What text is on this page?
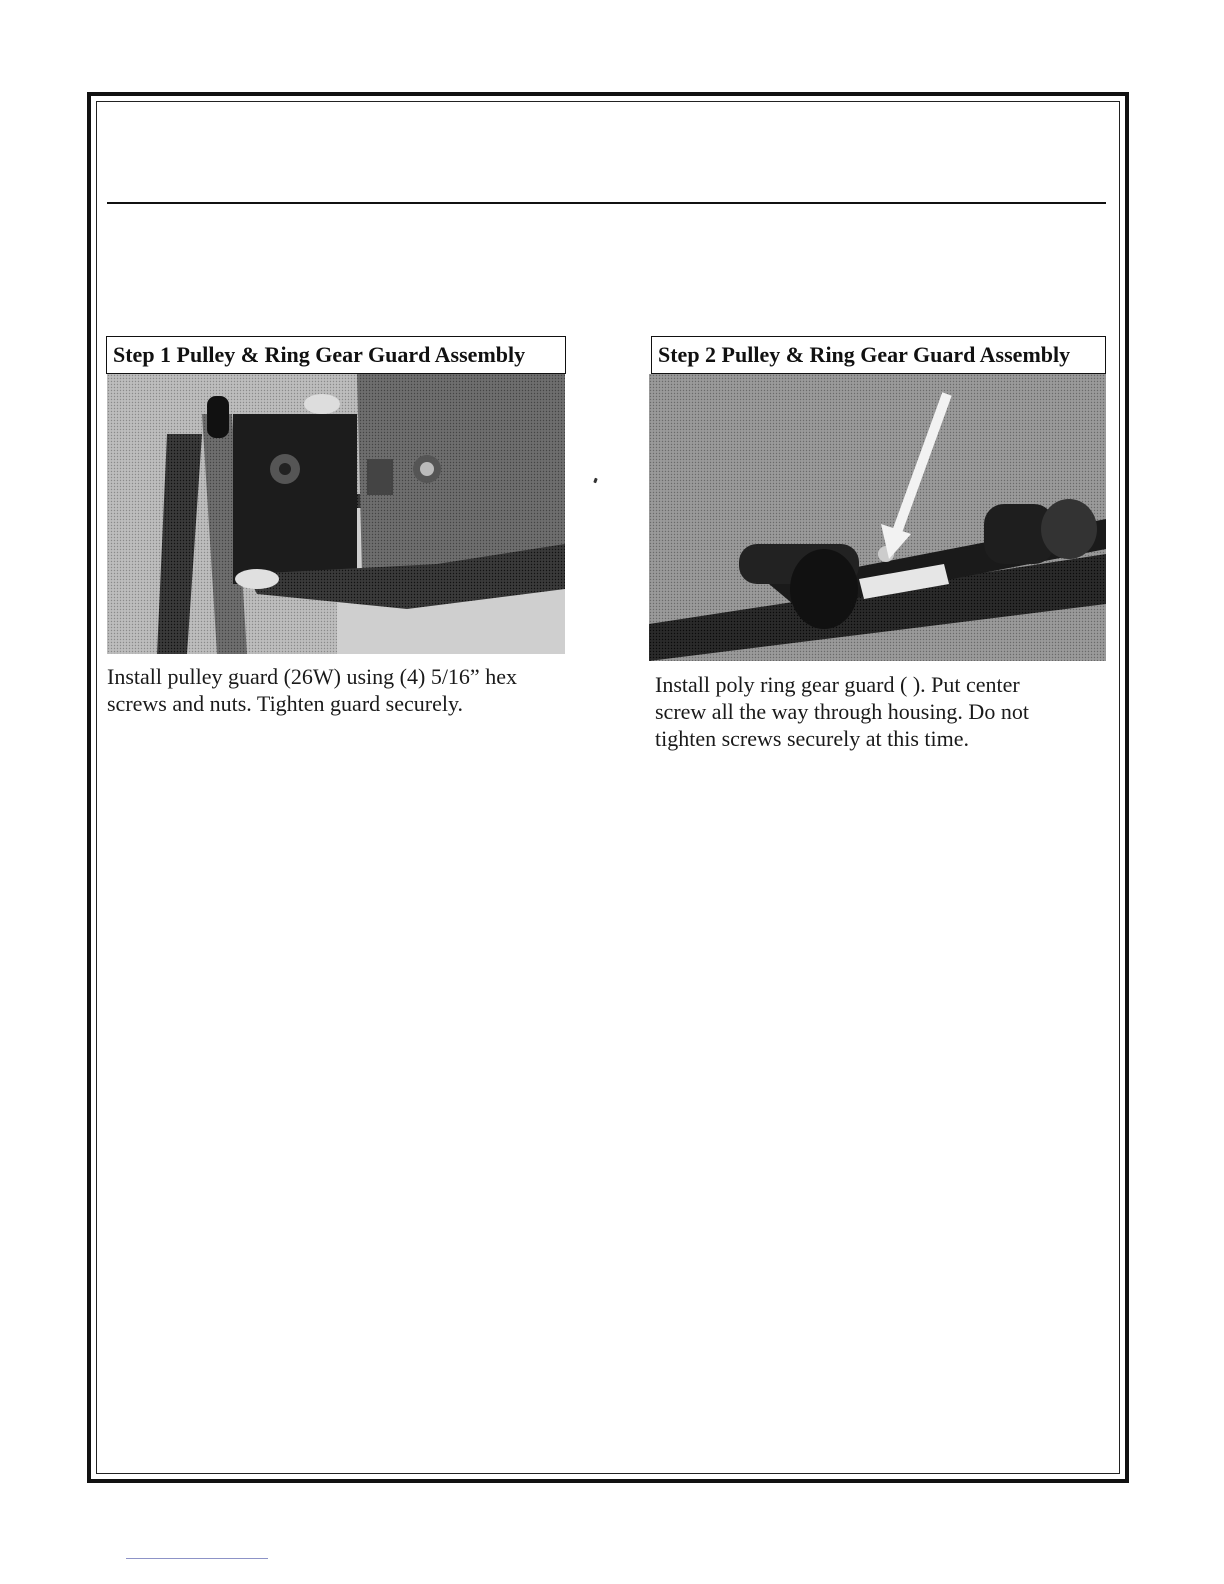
Step 1 Pulley & Ring Gear Guard Assembly
Install pulley guard (26W) using (4) 5/16” hex
screws and nuts. Tighten guard securely.
Step 2 Pulley & Ring Gear Guard Assembly
Install poly ring gear guard ( ). Put center
screw all the way through housing. Do not
tighten screws securely at this time.
